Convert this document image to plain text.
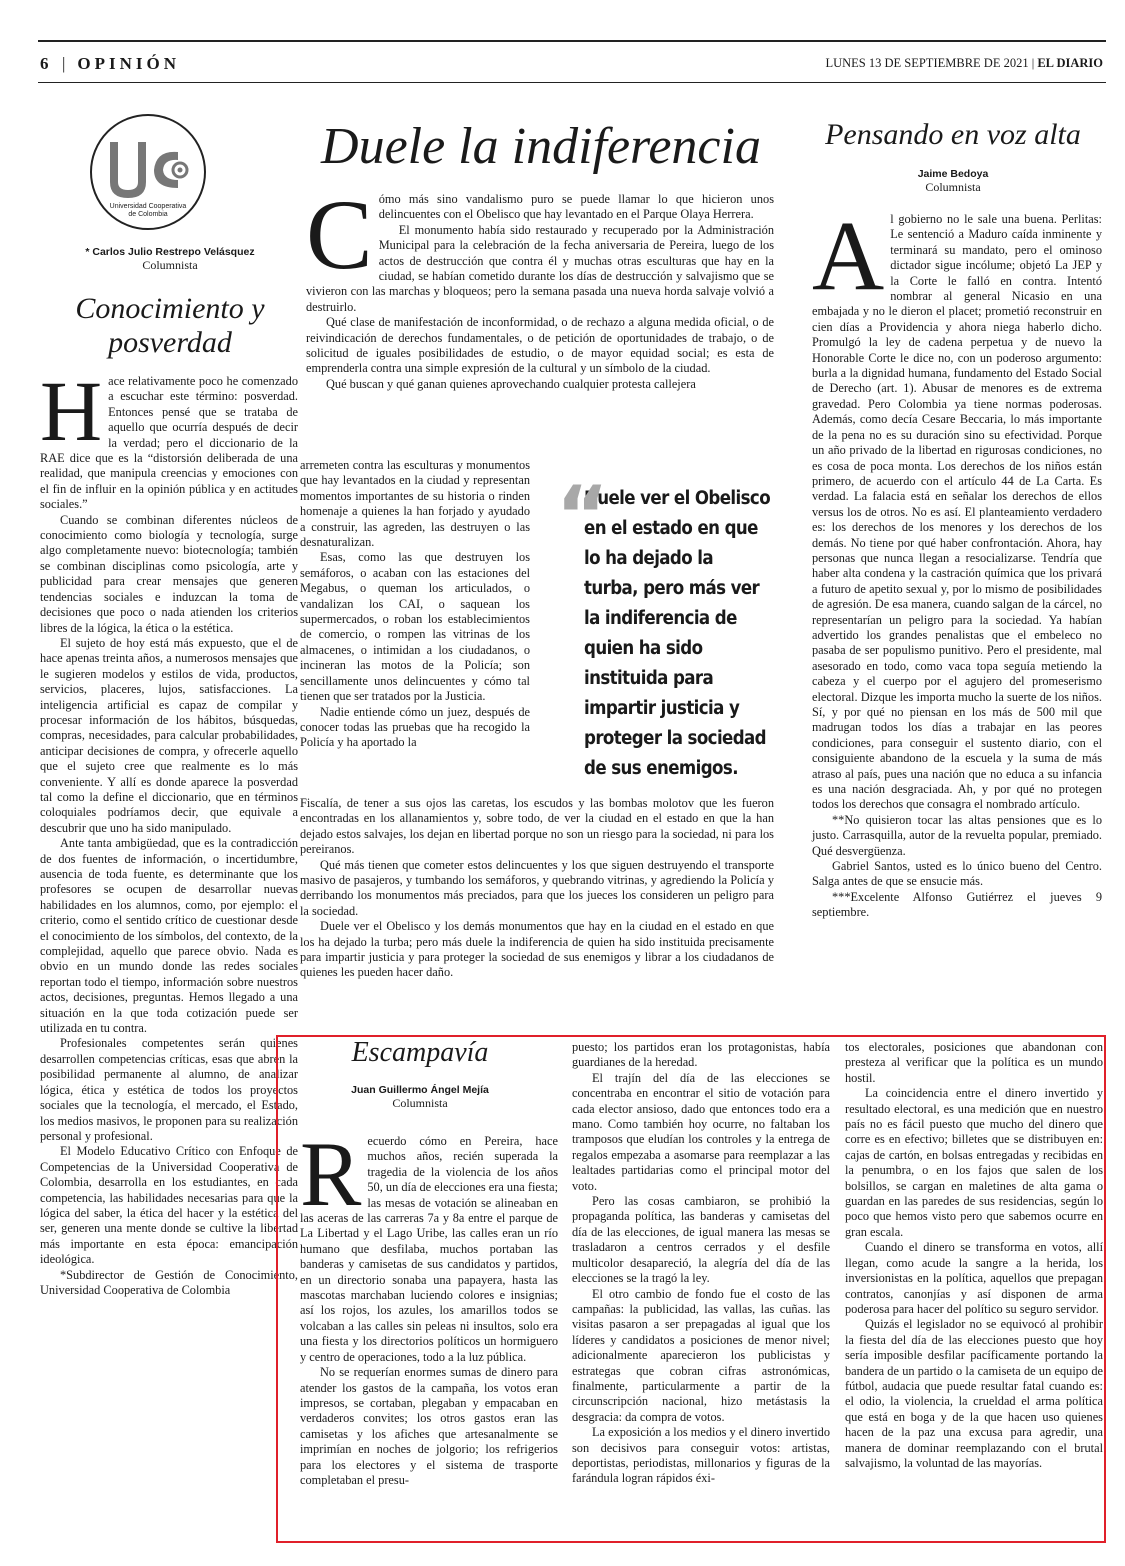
6 | OPINIÓN	LUNES 13 DE SEPTIEMBRE DE 2021 | EL DIARIO
Universidad Cooperativa
de Colombia
* Carlos Julio Restrepo Velásquez
Columnista
Conocimiento y posverdad
H ace relativamente poco he comenzado a escuchar este término: posverdad. Entonces pensé que se trataba de aquello que ocurría después de decir la verdad; pero el diccionario de la RAE dice que es la “distorsión deliberada de una realidad, que manipula creencias y emociones con el fin de influir en la opinión pública y en actitudes sociales.”

Cuando se combinan diferentes núcleos de conocimiento como biología y tecnología, surge algo completamente nuevo: biotecnología; también se combinan disciplinas como psicología, arte y publicidad para crear mensajes que generen tendencias sociales e induzcan la toma de decisiones que poco o nada atienden los criterios libres de la lógica, la ética o la estética.

El sujeto de hoy está más expuesto, que el de hace apenas treinta años, a numerosos mensajes que le sugieren modelos y estilos de vida, productos, servicios, placeres, lujos, satisfacciones. La inteligencia artificial es capaz de compilar y procesar información de los hábitos, búsquedas, compras, necesidades, para calcular probabilidades, anticipar decisiones de compra, y ofrecerle aquello que el sujeto cree que realmente es lo más conveniente. Y allí es donde aparece la posverdad tal como la define el diccionario, que en términos coloquiales podríamos decir, que equivale a descubrir que uno ha sido manipulado.

Ante tanta ambigüedad, que es la contradicción de dos fuentes de información, o incertidumbre, ausencia de toda fuente, es determinante que los profesores se ocupen de desarrollar nuevas habilidades en los alumnos, como, por ejemplo: el criterio, como el sentido crítico de cuestionar desde el conocimiento de los símbolos, del contexto, de la complejidad, aquello que parece obvio. Nada es obvio en un mundo donde las redes sociales reportan todo el tiempo, información sobre nuestros actos, decisiones, preguntas. Hemos llegado a una situación en la que toda cotización puede ser utilizada en tu contra.

Profesionales competentes serán quienes desarrollen competencias críticas, esas que abren la posibilidad permanente al alumno, de analizar lógica, ética y estética de todos los proyectos sociales que la tecnología, el mercado, el Estado, los medios masivos, le proponen para su realización personal y profesional.

El Modelo Educativo Crítico con Enfoque de Competencias de la Universidad Cooperativa de Colombia, desarrolla en los estudiantes, en cada competencia, las habilidades necesarias para que la lógica del saber, la ética del hacer y la estética del ser, generen una mente donde se cultive la libertad más importante en esta época: emancipación ideológica.

*Subdirector de Gestión de Conocimiento, Universidad Cooperativa de Colombia

Duele la indiferencia
C ómo más sino vandalismo puro se puede llamar lo que hicieron unos delincuentes con el Obelisco que hay levantado en el Parque Olaya Herrera.

El monumento había sido restaurado y recuperado por la Administración Municipal para la celebración de la fecha aniversaria de Pereira, luego de los actos de destrucción que contra él y muchas otras esculturas que hay en la ciudad, se habían cometido durante los días de destrucción y salvajismo que se vivieron con las marchas y bloqueos; pero la semana pasada una nueva horda salvaje volvió a destruirlo.

Qué clase de manifestación de inconformidad, o de rechazo a alguna medida oficial, o de reivindicación de derechos fundamentales, o de petición de oportunidades de trabajo, o de solicitud de iguales posibilidades de estudio, o de mayor equidad social; es esta de emprenderla contra una simple expresión de la cultural y un símbolo de la ciudad.

Qué buscan y qué ganan quienes aprovechando cualquier protesta callejera

arremeten contra las esculturas y monumentos que hay levantados en la ciudad y representan momentos importantes de su historia o rinden homenaje a quienes la han forjado y ayudado a construir, las agreden, las destruyen o las desnaturalizan.

Esas, como las que destruyen los semáforos, o acaban con las estaciones del Megabus, o queman los articulados, o vandalizan los CAI, o saquean los supermercados, o roban los establecimientos de comercio, o rompen las vitrinas de los almacenes, o intimidan a los ciudadanos, o incineran las motos de la Policía; son sencillamente unos delincuentes y cómo tal tienen que ser tratados por la Justicia.

Nadie entiende cómo un juez, después de conocer todas las pruebas que ha recogido la Policía y ha aportado la

“
Duele ver el Obelisco en el estado en que lo ha dejado la turba, pero más ver la indiferencia de quien ha sido instituida para impartir justicia y proteger la sociedad de sus enemigos.

Fiscalía, de tener a sus ojos las caretas, los escudos y las bombas molotov que les fueron encontradas en los allanamientos y, sobre todo, de ver la ciudad en el estado en que la han dejado estos salvajes, los dejan en libertad porque no son un riesgo para la sociedad, ni para los pereiranos.

Qué más tienen que cometer estos delincuentes y los que siguen destruyendo el transporte masivo de pasajeros, y tumbando los semáforos, y quebrando vitrinas, y agrediendo la Policía y derribando los monumentos más preciados, para que los jueces los consideren un peligro para la sociedad.

Duele ver el Obelisco y los demás monumentos que hay en la ciudad en el estado en que los ha dejado la turba; pero más duele la indiferencia de quien ha sido instituida precisamente para impartir justicia y para proteger la sociedad de sus enemigos y librar a los ciudadanos de quienes les pueden hacer daño.

Pensando en voz alta
Jaime Bedoya
Columnista
A l gobierno no le sale una buena. Perlitas: Le sentenció a Maduro caída inminente y terminará su mandato, pero el ominoso dictador sigue incólume; objetó La JEP y la Corte le falló en contra. Intentó nombrar al general Nicasio en una embajada y no le dieron el placet; prometió reconstruir en cien días a Providencia y ahora niega haberlo dicho. Promulgó la ley de cadena perpetua y de nuevo la Honorable Corte le dice no, con un poderoso argumento: burla a la dignidad humana, fundamento del Estado Social de Derecho (art. 1). Abusar de menores es de extrema gravedad. Pero Colombia ya tiene normas poderosas. Además, como decía Cesare Beccaria, lo más importante de la pena no es su duración sino su efectividad. Porque un año privado de la libertad en rigurosas condiciones, no es cosa de poca monta. Los derechos de los niños están primero, de acuerdo con el artículo 44 de La Carta. Es verdad. La falacia está en señalar los derechos de ellos versus los de otros. No es así. El planteamiento verdadero es: los derechos de los menores y los derechos de los demás. No tiene por qué haber confrontación. Ahora, hay personas que nunca llegan a resocializarse. Tendría que haber alta condena y la castración química que los privará a futuro de apetito sexual y, por lo mismo de posibilidades de agresión. De esa manera, cuando salgan de la cárcel, no representarían un peligro para la sociedad. Ya habían advertido los grandes penalistas que el embeleco no pasaba de ser populismo punitivo. Pero el presidente, mal asesorado en todo, como vaca topa seguía metiendo la cabeza y el cuerpo por el agujero del promeserismo electoral. Dizque les importa mucho la suerte de los niños. Sí, y por qué no piensan en los más de 500 mil que madrugan todos los días a trabajar en las peores condiciones, para conseguir el sustento diario, con el consiguiente abandono de la escuela y la suma de más atraso al país, pues una nación que no educa a su infancia es una nación desgraciada. Ah, y por qué no protegen todos los derechos que consagra el nombrado artículo.

**No quisieron tocar las altas pensiones que es lo justo. Carrasquilla, autor de la revuelta popular, premiado. Qué desvergüenza.

Gabriel Santos, usted es lo único bueno del Centro. Salga antes de que se ensucie más.

***Excelente Alfonso Gutiérrez el jueves 9 septiembre.

Escampavía
Juan Guillermo Ángel Mejía
Columnista
R ecuerdo cómo en Pereira, hace muchos años, recién superada la tragedia de la violencia de los años 50, un día de elecciones era una fiesta; las mesas de votación se alineaban en las aceras de las carreras 7a y 8a entre el parque de La Libertad y el Lago Uribe, las calles eran un río humano que desfilaba, muchos portaban las banderas y camisetas de sus candidatos y partidos, en un directorio sonaba una papayera, hasta las mascotas marchaban luciendo colores e insignias; así los rojos, los azules, los amarillos todos se volcaban a las calles sin peleas ni insultos, solo era una fiesta y los directorios políticos un hormiguero y centro de operaciones, todo a la luz pública.

No se requerían enormes sumas de dinero para atender los gastos de la campaña, los votos eran impresos, se cortaban, plegaban y empacaban en verdaderos convites; los otros gastos eran las camisetas y los afiches que artesanalmente se imprimían en noches de jolgorio; los refrigerios para los electores y el sistema de trasporte completaban el presu-

puesto; los partidos eran los protagonistas, había guardianes de la heredad.

El trajín del día de las elecciones se concentraba en encontrar el sitio de votación para cada elector ansioso, dado que entonces todo era a mano. Como también hoy ocurre, no faltaban los tramposos que eludían los controles y la entrega de regalos empezaba a asomarse para reemplazar a las lealtades partidarias como el principal motor del voto.

Pero las cosas cambiaron, se prohibió la propaganda política, las banderas y camisetas del día de las elecciones, de igual manera las mesas se trasladaron a centros cerrados y el desfile multicolor desapareció, la alegría del día de las elecciones se la tragó la ley.

El otro cambio de fondo fue el costo de las campañas: la publicidad, las vallas, las cuñas. las visitas pasaron a ser prepagadas al igual que los líderes y candidatos a posiciones de menor nivel; adicionalmente aparecieron los publicistas y estrategas que cobran cifras astronómicas, finalmente, particularmente a partir de la circunscripción nacional, hizo metástasis la desgracia: da compra de votos.

La exposición a los medios y el dinero invertido son decisivos para conseguir votos: artistas, deportistas, periodistas, millonarios y figuras de la farándula logran rápidos éxi-

tos electorales, posiciones que abandonan con presteza al verificar que la política es un mundo hostil.

La coincidencia entre el dinero invertido y resultado electoral, es una medición que en nuestro país no es fácil puesto que mucho del dinero que corre es en efectivo; billetes que se distribuyen en: cajas de cartón, en bolsas entregadas y recibidas en la penumbra, o en los fajos que salen de los bolsillos, se cargan en maletines de alta gama o guardan en las paredes de sus residencias, según lo poco que hemos visto pero que sabemos ocurre en gran escala.

Cuando el dinero se transforma en votos, allí llegan, como acude la sangre a la herida, los inversionistas en la política, aquellos que prepagan contratos, canonjías y así disponen de arma poderosa para hacer del político su seguro servidor.

Quizás el legislador no se equivocó al prohibir la fiesta del día de las elecciones puesto que hoy sería imposible desfilar pacíficamente portando la bandera de un partido o la camiseta de un equipo de fútbol, audacia que puede resultar fatal cuando es: el odio, la violencia, la crueldad el arma política que está en boga y de la que hacen uso quienes hacen de la paz una excusa para agredir, una manera de dominar reemplazando con el brutal salvajismo, la voluntad de las mayorías.
